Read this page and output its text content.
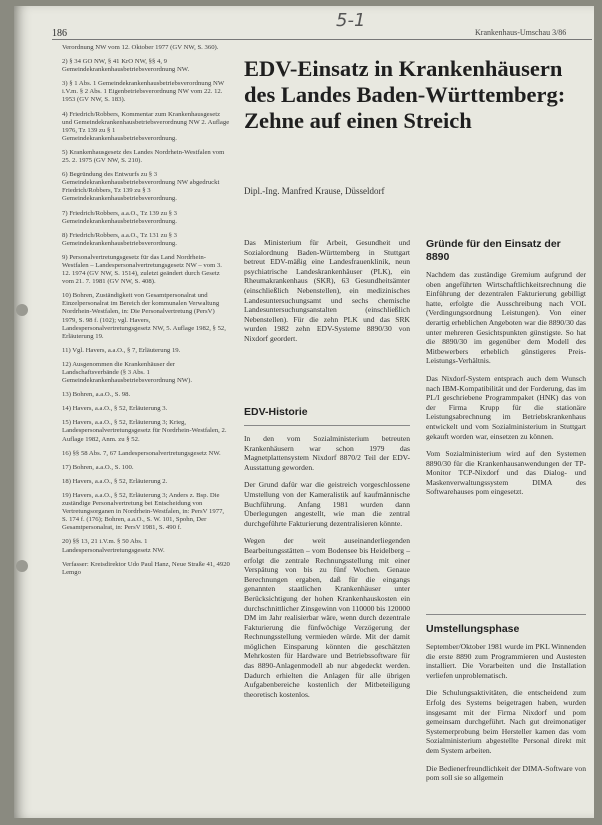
5-1
186	Krankenhaus-Umschau 3/86

Verordnung NW vom 12. Oktober 1977 (GV NW, S. 360).

2) § 34 GO NW, § 41 KrO NW, §§ 4, 9 Gemeindekrankenhausbetriebsverordnung NW.

3) § 1 Abs. 1 Gemeindekrankenhausbetriebsverordnung NW i.V.m. § 2 Abs. 1 Eigenbetriebsverordnung NW vom 22. 12. 1953 (GV NW, S. 183).

4) Friedrich/Robbers, Kommentar zum Krankenhausgesetz und Gemeindekrankenhausbetriebsverordnung NW 2. Auflage 1976, Tz 139 zu § 1 Gemeindekrankenhausbetriebsverordnung.

5) Krankenhausgesetz des Landes Nordrhein-Westfalen vom 25. 2. 1975 (GV NW, S. 210).

6) Begründung des Entwurfs zu § 3 Gemeindekrankenhausbetriebsverordnung NW abgedruckt Friedrich/Robbers, Tz 139 zu § 3 Gemeindekrankenhausbetriebsverordnung.

7) Friedrich/Robbers, a.a.O., Tz 139 zu § 3 Gemeindekrankenhausbetriebsverordnung.

8) Friedrich/Robbers, a.a.O., Tz 131 zu § 3 Gemeindekrankenhausbetriebsverordnung.

9) Personalvertretungsgesetz für das Land Nordrhein-Westfalen – Landespersonalvertretungsgesetz NW – vom 3. 12. 1974 (GV NW, S. 1514), zuletzt geändert durch Gesetz vom 21. 7. 1981 (GV NW, S. 408).

10) Bohren, Zuständigkeit von Gesamtpersonalrat und Einzelpersonalrat im Bereich der kommunalen Verwaltung Nordrhein-Westfalen, in: Die Personalvertretung (PersV) 1979, S. 98 f. (102); vgl. Havers, Landespersonalvertretungsgesetz NW, 5. Auflage 1982, § 52, Erläuterung 19.

11) Vgl. Havers, a.a.O., § 7, Erläuterung 19.

12) Ausgenommen die Krankenhäuser der Landschaftsverbände (§ 3 Abs. 1 Gemeindekrankenhausbetriebsverordnung NW).

13) Bohren, a.a.O., S. 98.

14) Havers, a.a.O., § 52, Erläuterung 3.

15) Havers, a.a.O., § 52, Erläuterung 3; Krieg, Landespersonalvertretungsgesetz für Nordrhein-Westfalen, 2. Auflage 1982, Anm. zu § 52.

16) §§ 58 Abs. 7, 67 Landespersonalvertretungsgesetz NW.

17) Bohren, a.a.O., S. 100.

18) Havers, a.a.O., § 52, Erläuterung 2.

19) Havers, a.a.O., § 52, Erläuterung 3; Anders z. Bsp. Die zuständige Personalvertretung bei Entscheidung von Vertretungsorganen in Nordrhein-Westfalen, in: PersV 1977, S. 174 f. (176); Bohren, a.a.O., S. W. 101, Spohn, Der Gesamtpersonalrat, in: PersV 1981, S. 490 f.

20) §§ 13, 21 i.V.m. § 50 Abs. 1 Landespersonalvertretungsgesetz NW.

Verfasser: Kreisdirektor Udo Paul Hanz, Neue Straße 41, 4920 Lemgo

EDV-Einsatz in Krankenhäusern des Landes Baden-Württemberg: Zehne auf einen Streich
Dipl.-Ing. Manfred Krause, Düsseldorf

Das Ministerium für Arbeit, Gesundheit und Sozialordnung Baden-Württemberg in Stuttgart betreut EDV-mäßig eine Landesfrauenklinik, neun psychiatrische Landeskrankenhäuser (PLK), ein Rheumakrankenhaus (SKR), 63 Gesundheitsämter (einschließlich Nebenstellen), ein medizinisches Landesuntersuchungsamt und sechs chemische Landesuntersuchungsanstalten (einschließlich Nebenstellen). Für die zehn PLK und das SRK wurden 1982 zehn EDV-Systeme 8890/30 von Nixdorf geordert.

EDV-Historie

In den vom Sozialministerium betreuten Krankenhäusern war schon 1979 das Magnetplattensystem Nixdorf 8870/2 Teil der EDV-Ausstattung geworden.

Der Grund dafür war die geistreich vorgeschlossene Umstellung von der Kameralistik auf kaufmännische Buchführung. Anfang 1981 wurden dann Überlegungen angestellt, wie man die zentral durchgeführte Fakturierung dezentralisieren könnte.

Wegen der weit auseinanderliegenden Bearbeitungsstätten – vom Bodensee bis Heidelberg – erfolgt die zentrale Rechnungsstellung mit einer Verspätung von bis zu fünf Wochen. Genaue Berechnungen ergaben, daß für die eingangs genannten staatlichen Krankenhäuser unter Berücksichtigung der hohen Krankenhauskosten ein durchschnittlicher Zinsgewinn von 110000 bis 120000 DM im Jahr realisierbar wäre, wenn durch dezentrale Fakturierung die fünfwöchige Verzögerung der Rechnungsstellung vermieden würde. Mit der damit möglichen Einsparung könnten die geschätzten Mehrkosten für Hardware und Betriebssoftware für das 8890-Anlagenmodell ab nur abgedeckt werden. Dadurch erhielten die Anlagen für alle übrigen Aufgabenbereiche kostenlich der Mitbeteiligung theoretisch kostenlos.

Gründe für den Einsatz der 8890

Nachdem das zuständige Gremium aufgrund der oben angeführten Wirtschaftlichkeitsrechnung die Einführung der dezentralen Fakturierung gebilligt hatte, erfolgte die Ausschreibung nach VOL (Verdingungsordnung Leistungen). Von einer derartig erheblichen Angeboten war die 8890/30 das unter mehreren Gesichtspunkten günstigste. So hat die 8890/30 im gegenüber dem Modell des Mitbewerbers erheblich günstigeres Preis-Leistungs-Verhältnis.

Das Nixdorf-System entsprach auch dem Wunsch nach IBM-Kompatibilität und der Forderung, das im PL/I geschriebene Programmpaket (HNK) das von der Firma Krupp für die stationäre Leistungsabrechnung im Betriebskrankenhaus entwickelt und vom Sozialministerium in Stuttgart gekauft worden war, einsetzen zu können.

Vom Sozialministerium wird auf den Systemen 8890/30 für die Krankenhausanwendungen der TP-Monitor TCP-Nixdorf und das Dialog- und Maskenverwaltungssystem DIMA des Softwarehauses pom eingesetzt.

Umstellungsphase

September/Oktober 1981 wurde im PKL Winnenden die erste 8890 zum Programmieren und Austesten installiert. Die Vorarbeiten und die Installation verliefen unproblematisch.

Die Schulungsaktivitäten, die entscheidend zum Erfolg des Systems beigetragen haben, wurden insgesamt mit der Firma Nixdorf und pom gemeinsam durchgeführt. Nach gut dreimonatiger Systemerprobung beim Hersteller kamen das vom Sozialministerium abgestellte Personal direkt mit dem System arbeiten.

Die Bedienerfreundlichkeit der DIMA-Software von pom soll sie so allgemein
